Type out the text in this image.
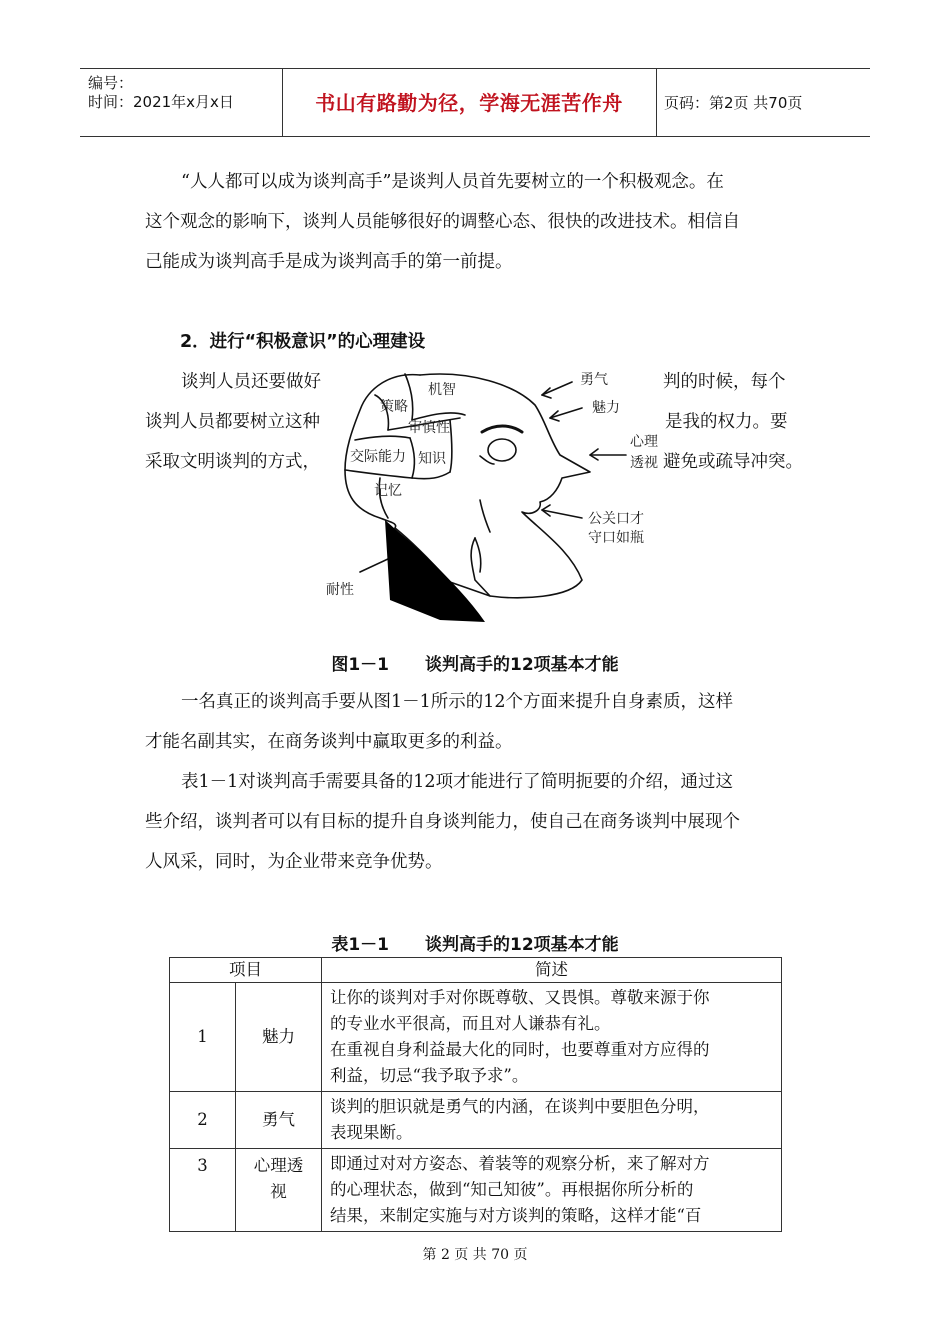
编号：
时间：2021年x月x日	书山有路勤为径，学海无涯苦作舟	页码：第2页 共70页
“人人都可以成为谈判高手”是谈判人员首先要树立的一个积极观念。在
这个观念的影响下，谈判人员能够很好的调整心态、很快的改进技术。相信自
己能成为谈判高手是成为谈判高手的第一前提。
2．进行“积极意识”的心理建设
谈判人员还要做好
谈判人员都要树立这种
采取文明谈判的方式，
判的时候，每个
是我的权力。要
避免或疏导冲突。
机智
策略
审慎性
交际能力 知识
记忆
勇气
魅力
心理
透视
公关口才
守口如瓶
耐性
图1－1 谈判高手的12项基本才能
一名真正的谈判高手要从图1－1所示的12个方面来提升自身素质，这样
才能名副其实，在商务谈判中赢取更多的利益。
表1－1对谈判高手需要具备的12项才能进行了简明扼要的介绍，通过这
些介绍，谈判者可以有目标的提升自身谈判能力，使自己在商务谈判中展现个
人风采，同时，为企业带来竞争优势。
表1－1 谈判高手的12项基本才能
项目		简述
1	魅力	让你的谈判对手对你既尊敬、又畏惧。尊敬来源于你
的专业水平很高，而且对人谦恭有礼。
在重视自身利益最大化的同时，也要尊重对方应得的
利益，切忌“我予取予求”。

2	勇气	谈判的胆识就是勇气的内涵，在谈判中要胆色分明，
表现果断。

3	心理透
视	即通过对对方姿态、着装等的观察分析，来了解对方
的心理状态，做到“知己知彼”。再根据你所分析的
结果，来制定实施与对方谈判的策略，这样才能“百
第 2 页 共 70 页
